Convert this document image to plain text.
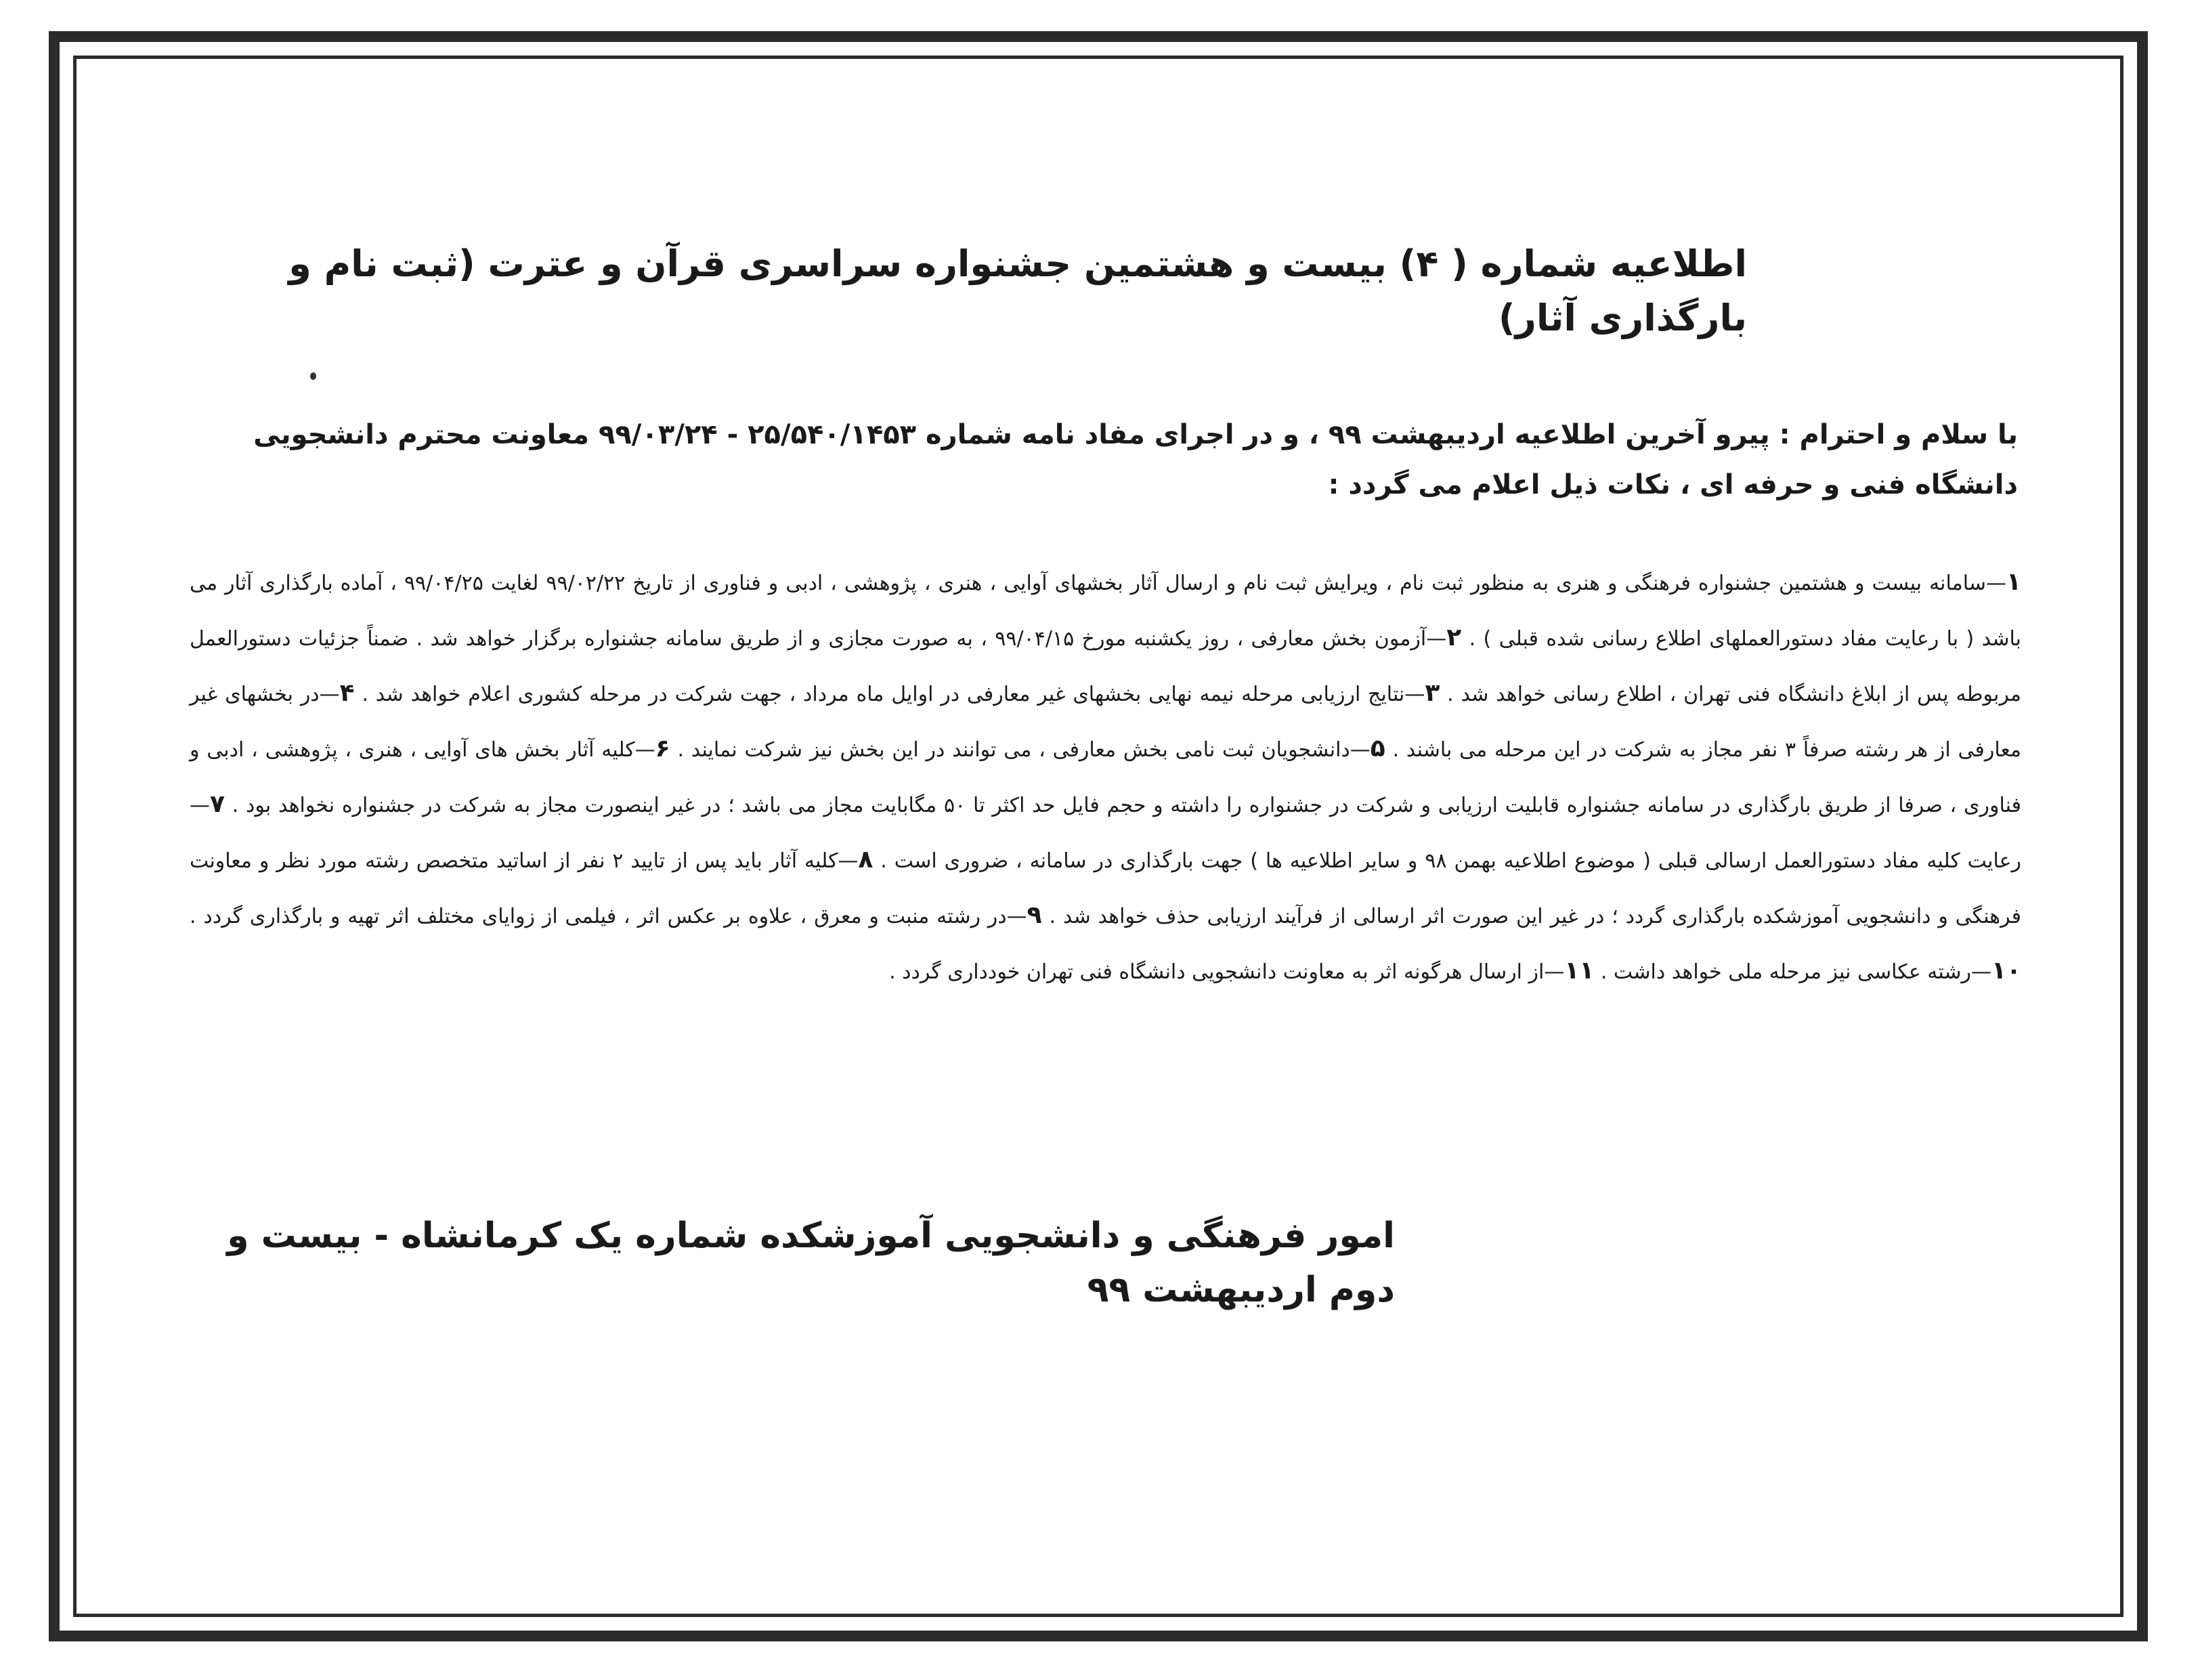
اطلاعیه شماره ( ۴) بیست و هشتمین جشنواره سراسری قرآن و عترت (ثبت نام و بارگذاری آثار)

با سلام و احترام : پیرو آخرین اطلاعیه اردیبهشت ۹۹ ، و در اجرای مفاد نامه شماره ۲۵/۵۴۰/۱۴۵۳ - ۹۹/۰۳/۲۴ معاونت محترم دانشجویی دانشگاه فنی و حرفه ای ، نکات ذیل اعلام می گردد :

۱—سامانه بیست و هشتمین جشنواره فرهنگی و هنری به منظور ثبت نام ، ویرایش ثبت نام و ارسال آثار بخشهای آوایی ، هنری ، پژوهشی ، ادبی و فناوری از تاریخ ۹۹/۰۲/۲۲ لغایت ۹۹/۰۴/۲۵ ، آماده بارگذاری آثار می باشد ( با رعایت مفاد دستورالعملهای اطلاع رسانی شده قبلی ) . ۲—آزمون بخش معارفی ، روز یکشنبه مورخ ۹۹/۰۴/۱۵ ، به صورت مجازی و از طریق سامانه جشنواره برگزار خواهد شد . ضمناً جزئیات دستورالعمل مربوطه پس از ابلاغ دانشگاه فنی تهران ، اطلاع رسانی خواهد شد . ۳—نتایج ارزیابی مرحله نیمه نهایی بخشهای غیر معارفی در اوایل ماه مرداد ، جهت شرکت در مرحله کشوری اعلام خواهد شد . ۴—در بخشهای غیر معارفی از هر رشته صرفاً ۳ نفر مجاز به شرکت در این مرحله می باشند . ۵—دانشجویان ثبت نامی بخش معارفی ، می توانند در این بخش نیز شرکت نمایند . ۶—کلیه آثار بخش های آوایی ، هنری ، پژوهشی ، ادبی و فناوری ، صرفا از طریق بارگذاری در سامانه جشنواره قابلیت ارزیابی و شرکت در جشنواره را داشته و حجم فایل حد اکثر تا ۵۰ مگابایت مجاز می باشد ؛ در غیر اینصورت مجاز به شرکت در جشنواره نخواهد بود . ۷—رعایت کلیه مفاد دستورالعمل ارسالی قبلی ( موضوع اطلاعیه بهمن ۹۸ و سایر اطلاعیه ها ) جهت بارگذاری در سامانه ، ضروری است . ۸—کلیه آثار باید پس از تایید ۲ نفر از اساتید متخصص رشته مورد نظر و معاونت فرهنگی و دانشجویی آموزشکده بارگذاری گردد ؛ در غیر این صورت اثر ارسالی از فرآیند ارزیابی حذف خواهد شد . ۹—در رشته منبت و معرق ، علاوه بر عکس اثر ، فیلمی از زوایای مختلف اثر تهیه و بارگذاری گردد . ۱۰—رشته عکاسی نیز مرحله ملی خواهد داشت . ۱۱—از ارسال هرگونه اثر به معاونت دانشجویی دانشگاه فنی تهران خودداری گردد .

امور فرهنگی و دانشجویی آموزشکده شماره یک کرمانشاه - بیست و دوم اردیبهشت ۹۹
